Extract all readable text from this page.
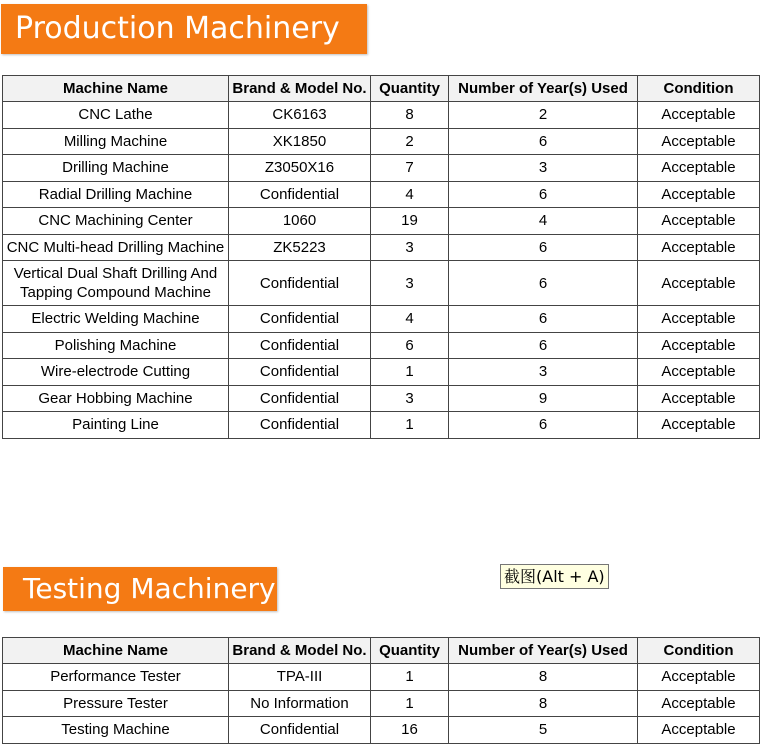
Production Machinery
Machine Name	Brand & Model No.	Quantity	Number of Year(s) Used	Condition
CNC Lathe	CK6163	8	2	Acceptable
Milling Machine	XK1850	2	6	Acceptable
Drilling Machine	Z3050X16	7	3	Acceptable
Radial Drilling Machine	Confidential	4	6	Acceptable
CNC Machining Center	1060	19	4	Acceptable
CNC Multi-head Drilling Machine	ZK5223	3	6	Acceptable
Vertical Dual Shaft Drilling And Tapping Compound Machine	Confidential	3	6	Acceptable
Electric Welding Machine	Confidential	4	6	Acceptable
Polishing Machine	Confidential	6	6	Acceptable
Wire-electrode Cutting	Confidential	1	3	Acceptable
Gear Hobbing Machine	Confidential	3	9	Acceptable
Painting Line	Confidential	1	6	Acceptable
截图(Alt + A)
Testing Machinery
Machine Name	Brand & Model No.	Quantity	Number of Year(s) Used	Condition
Performance Tester	TPA-III	1	8	Acceptable
Pressure Tester	No Information	1	8	Acceptable
Testing Machine	Confidential	16	5	Acceptable
